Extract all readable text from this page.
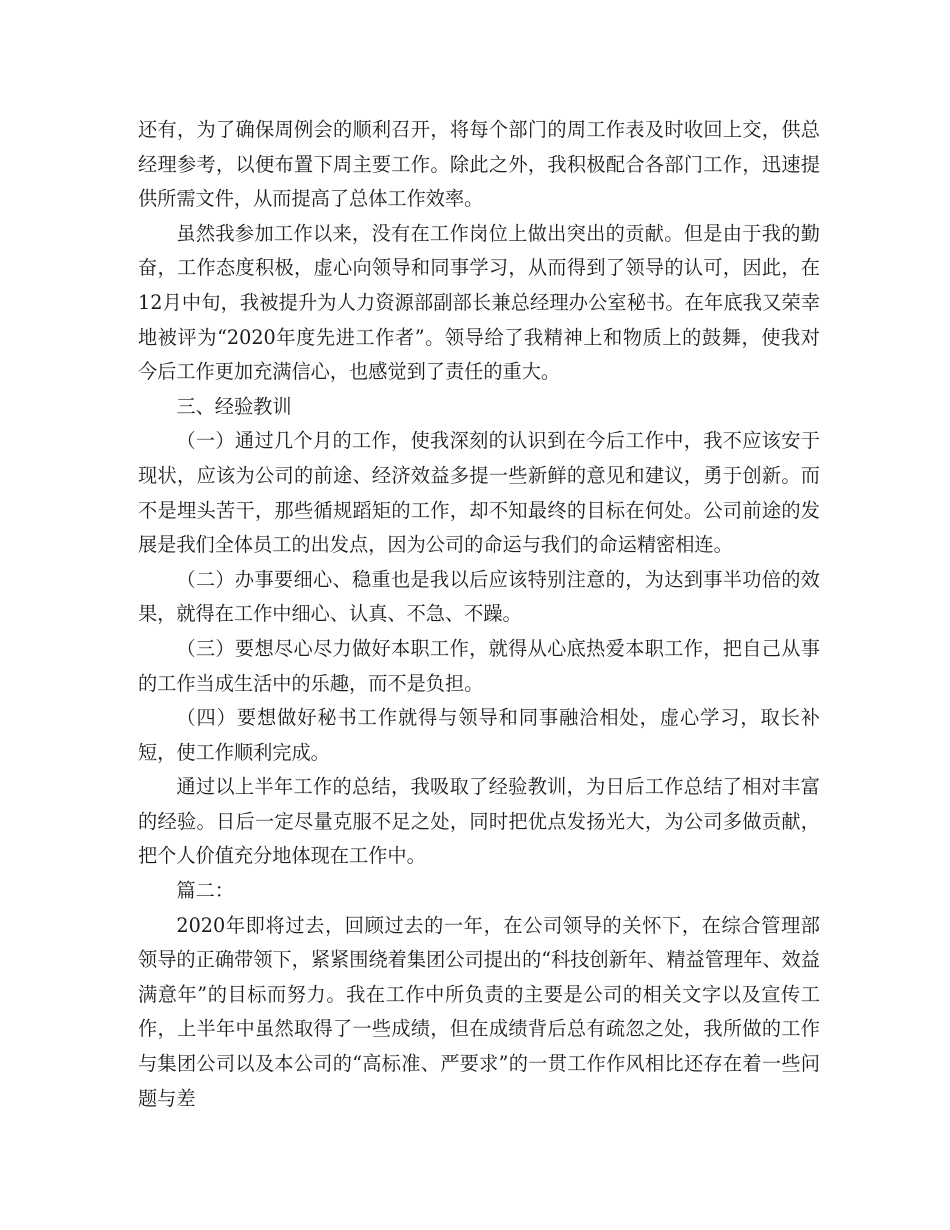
还有，为了确保周例会的顺利召开，将每个部门的周工作表及时收回上交，供总经理参考，以便布置下周主要工作。除此之外，我积极配合各部门工作，迅速提供所需文件，从而提高了总体工作效率。

虽然我参加工作以来，没有在工作岗位上做出突出的贡献。但是由于我的勤奋，工作态度积极，虚心向领导和同事学习，从而得到了领导的认可，因此，在12月中旬，我被提升为人力资源部副部长兼总经理办公室秘书。在年底我又荣幸地被评为“2020年度先进工作者”。领导给了我精神上和物质上的鼓舞，使我对今后工作更加充满信心，也感觉到了责任的重大。

三、经验教训

（一）通过几个月的工作，使我深刻的认识到在今后工作中，我不应该安于现状，应该为公司的前途、经济效益多提一些新鲜的意见和建议，勇于创新。而不是埋头苦干，那些循规蹈矩的工作，却不知最终的目标在何处。公司前途的发展是我们全体员工的出发点，因为公司的命运与我们的命运精密相连。

（二）办事要细心、稳重也是我以后应该特别注意的，为达到事半功倍的效果，就得在工作中细心、认真、不急、不躁。

（三）要想尽心尽力做好本职工作，就得从心底热爱本职工作，把自己从事的工作当成生活中的乐趣，而不是负担。

（四）要想做好秘书工作就得与领导和同事融洽相处，虚心学习，取长补短，使工作顺利完成。

通过以上半年工作的总结，我吸取了经验教训，为日后工作总结了相对丰富的经验。日后一定尽量克服不足之处，同时把优点发扬光大，为公司多做贡献，把个人价值充分地体现在工作中。

篇二：

2020年即将过去，回顾过去的一年，在公司领导的关怀下，在综合管理部领导的正确带领下，紧紧围绕着集团公司提出的“科技创新年、精益管理年、效益满意年”的目标而努力。我在工作中所负责的主要是公司的相关文字以及宣传工作，上半年中虽然取得了一些成绩，但在成绩背后总有疏忽之处，我所做的工作与集团公司以及本公司的“高标准、严要求”的一贯工作作风相比还存在着一些问题与差
